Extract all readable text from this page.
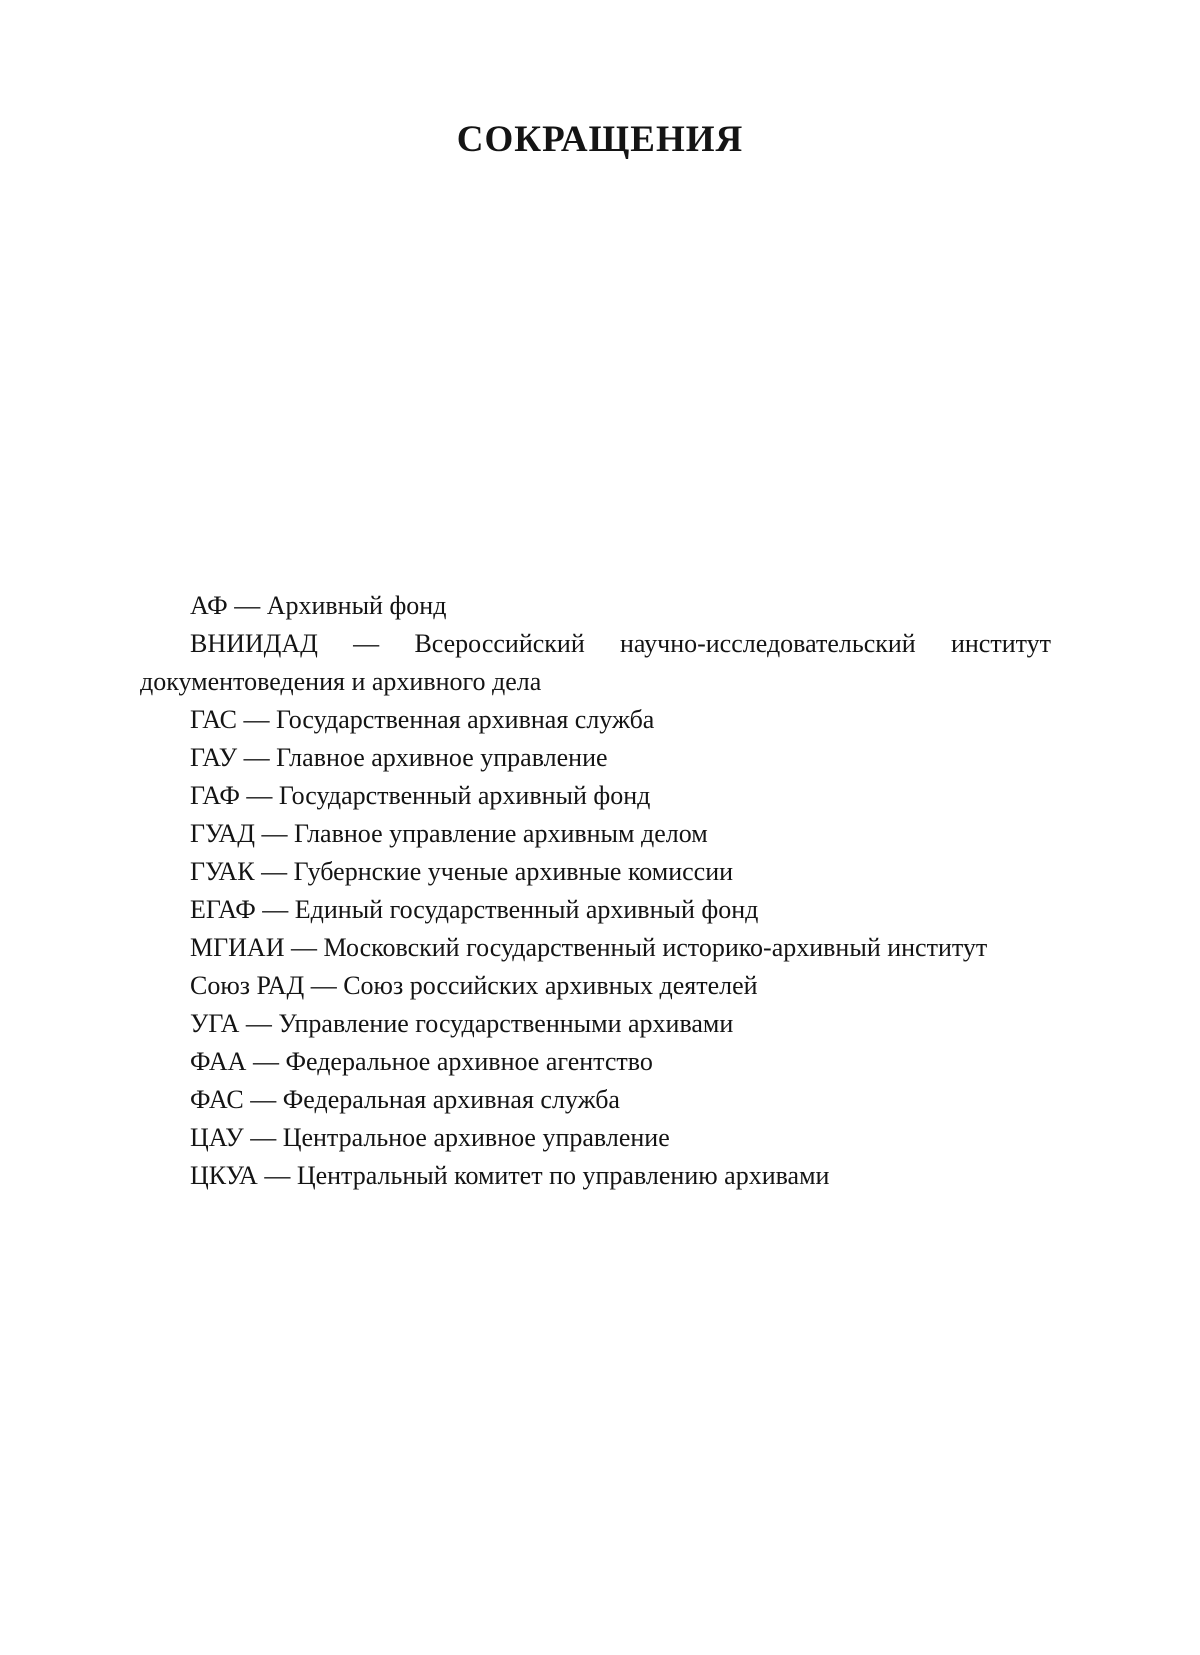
СОКРАЩЕНИЯ
АФ — Архивный фонд
ВНИИДАД — Всероссийский научно-исследовательский институт документоведения и архивного дела
ГАС — Государственная архивная служба
ГАУ — Главное архивное управление
ГАФ — Государственный архивный фонд
ГУАД — Главное управление архивным делом
ГУАК — Губернские ученые архивные комиссии
ЕГАФ — Единый государственный архивный фонд
МГИАИ — Московский государственный историко-архивный институт
Союз РАД — Союз российских архивных деятелей
УГА — Управление государственными архивами
ФАА — Федеральное архивное агентство
ФАС — Федеральная архивная служба
ЦАУ — Центральное архивное управление
ЦКУА — Центральный комитет по управлению архивами
